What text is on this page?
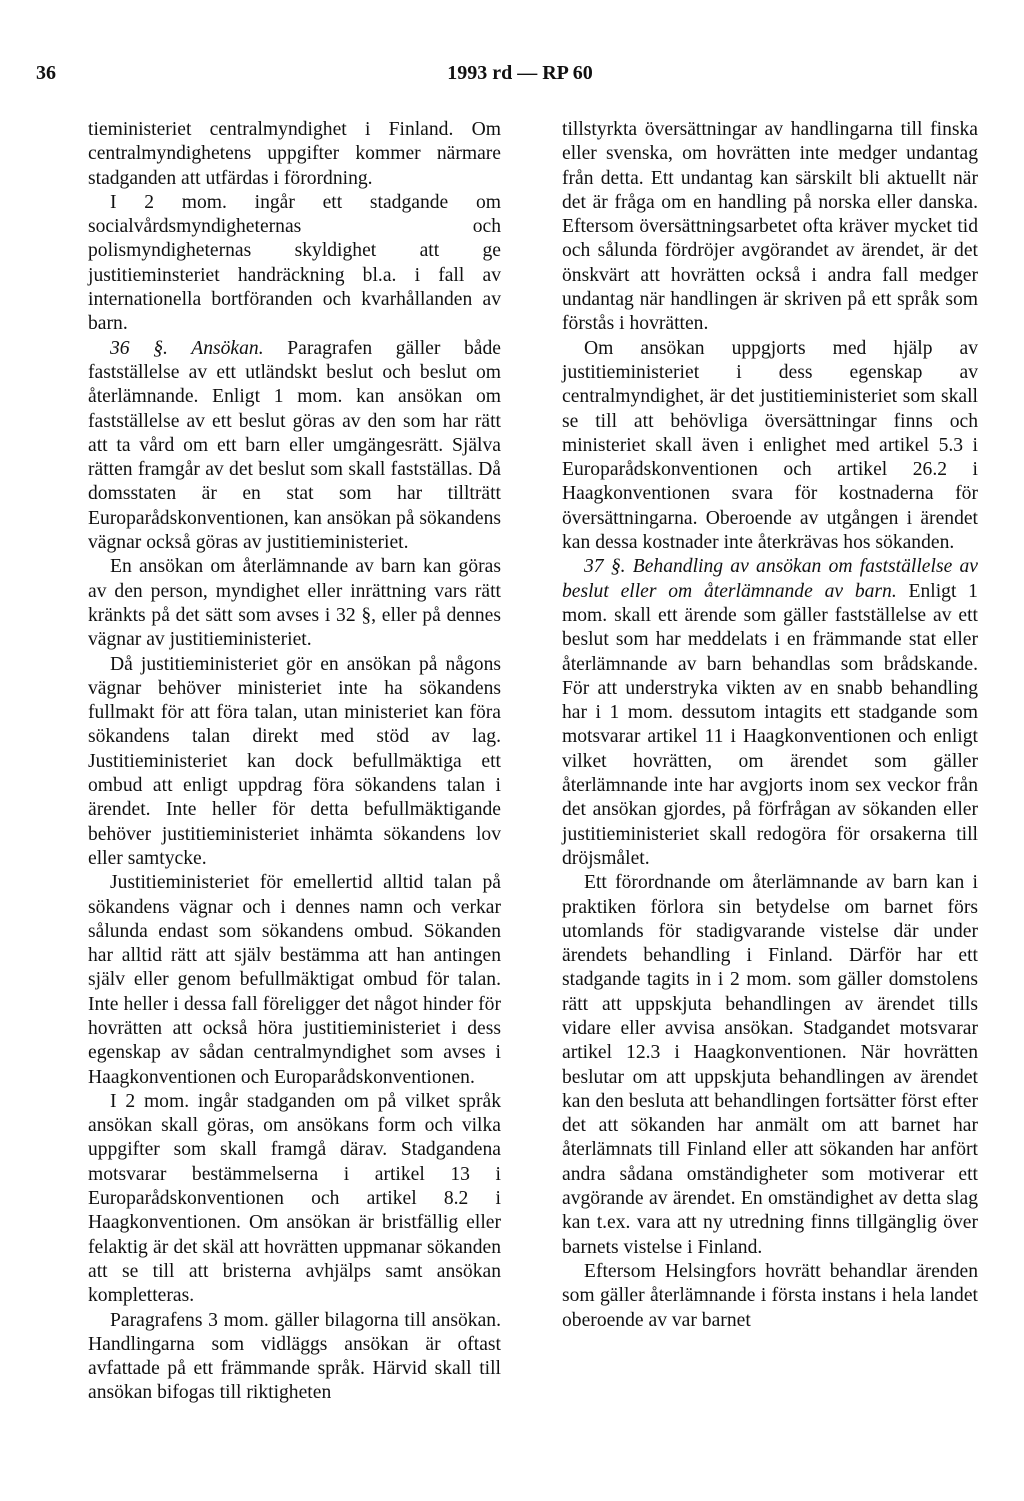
36	1993 rd — RP 60

tieministeriet centralmyndighet i Finland. Om centralmyndighetens uppgifter kommer närmare stadganden att utfärdas i förordning.

I 2 mom. ingår ett stadgande om socialvårdsmyndigheternas och polismyndigheternas skyldighet att ge justitieminsteriet handräckning bl.a. i fall av internationella bortföranden och kvarhållanden av barn.

36 §. Ansökan. Paragrafen gäller både fastställelse av ett utländskt beslut och beslut om återlämnande. Enligt 1 mom. kan ansökan om fastställelse av ett beslut göras av den som har rätt att ta vård om ett barn eller umgängesrätt. Själva rätten framgår av det beslut som skall fastställas. Då domsstaten är en stat som har tillträtt Europarådskonventionen, kan ansökan på sökandens vägnar också göras av justitieministeriet.

En ansökan om återlämnande av barn kan göras av den person, myndighet eller inrättning vars rätt kränkts på det sätt som avses i 32 §, eller på dennes vägnar av justitieministeriet.

Då justitieministeriet gör en ansökan på någons vägnar behöver ministeriet inte ha sökandens fullmakt för att föra talan, utan ministeriet kan föra sökandens talan direkt med stöd av lag. Justitieministeriet kan dock befullmäktiga ett ombud att enligt uppdrag föra sökandens talan i ärendet. Inte heller för detta befullmäktigande behöver justitieministeriet inhämta sökandens lov eller samtycke.

Justitieministeriet för emellertid alltid talan på sökandens vägnar och i dennes namn och verkar sålunda endast som sökandens ombud. Sökanden har alltid rätt att själv bestämma att han antingen själv eller genom befullmäktigat ombud för talan. Inte heller i dessa fall föreligger det något hinder för hovrätten att också höra justitieministeriet i dess egenskap av sådan centralmyndighet som avses i Haagkonventionen och Europarådskonventionen.

I 2 mom. ingår stadganden om på vilket språk ansökan skall göras, om ansökans form och vilka uppgifter som skall framgå därav. Stadgandena motsvarar bestämmelserna i artikel 13 i Europarådskonventionen och artikel 8.2 i Haagkonventionen. Om ansökan är bristfällig eller felaktig är det skäl att hovrätten uppmanar sökanden att se till att bristerna avhjälps samt ansökan kompletteras.

Paragrafens 3 mom. gäller bilagorna till ansökan. Handlingarna som vidläggs ansökan är oftast avfattade på ett främmande språk. Härvid skall till ansökan bifogas till riktigheten

tillstyrkta översättningar av handlingarna till finska eller svenska, om hovrätten inte medger undantag från detta. Ett undantag kan särskilt bli aktuellt när det är fråga om en handling på norska eller danska. Eftersom översättningsarbetet ofta kräver mycket tid och sålunda fördröjer avgörandet av ärendet, är det önskvärt att hovrätten också i andra fall medger undantag när handlingen är skriven på ett språk som förstås i hovrätten.

Om ansökan uppgjorts med hjälp av justitieministeriet i dess egenskap av centralmyndighet, är det justitieministeriet som skall se till att behövliga översättningar finns och ministeriet skall även i enlighet med artikel 5.3 i Europarådskonventionen och artikel 26.2 i Haagkonventionen svara för kostnaderna för översättningarna. Oberoende av utgången i ärendet kan dessa kostnader inte återkrävas hos sökanden.

37 §. Behandling av ansökan om fastställelse av beslut eller om återlämnande av barn. Enligt 1 mom. skall ett ärende som gäller fastställelse av ett beslut som har meddelats i en främmande stat eller återlämnande av barn behandlas som brådskande. För att understryka vikten av en snabb behandling har i 1 mom. dessutom intagits ett stadgande som motsvarar artikel 11 i Haagkonventionen och enligt vilket hovrätten, om ärendet som gäller återlämnande inte har avgjorts inom sex veckor från det ansökan gjordes, på förfrågan av sökanden eller justitieministeriet skall redogöra för orsakerna till dröjsmålet.

Ett förordnande om återlämnande av barn kan i praktiken förlora sin betydelse om barnet förs utomlands för stadigvarande vistelse där under ärendets behandling i Finland. Därför har ett stadgande tagits in i 2 mom. som gäller domstolens rätt att uppskjuta behandlingen av ärendet tills vidare eller avvisa ansökan. Stadgandet motsvarar artikel 12.3 i Haagkonventionen. När hovrätten beslutar om att uppskjuta behandlingen av ärendet kan den besluta att behandlingen fortsätter först efter det att sökanden har anmält om att barnet har återlämnats till Finland eller att sökanden har anfört andra sådana omständigheter som motiverar ett avgörande av ärendet. En omständighet av detta slag kan t.ex. vara att ny utredning finns tillgänglig över barnets vistelse i Finland.

Eftersom Helsingfors hovrätt behandlar ärenden som gäller återlämnande i första instans i hela landet oberoende av var barnet
